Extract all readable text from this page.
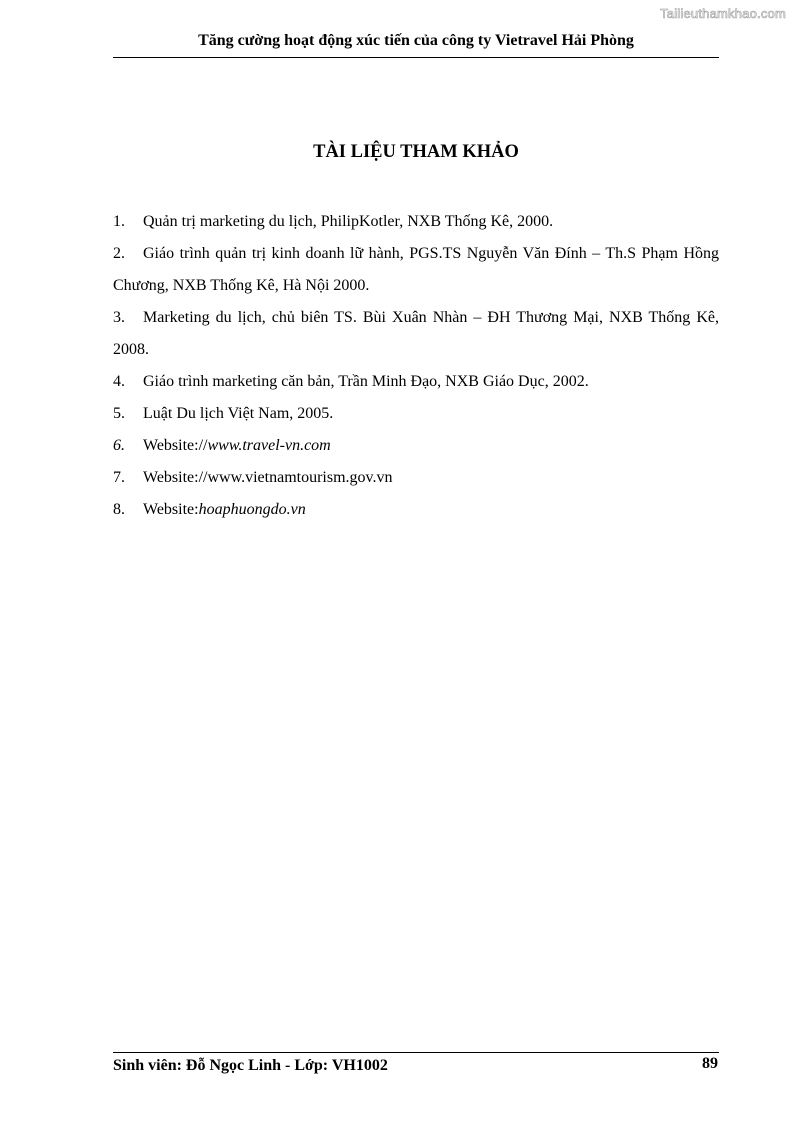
Tailieuthamkhao.com
Tăng cường hoạt động xúc tiến của công ty Vietravel Hải Phòng
TÀI LIỆU THAM KHẢO
1. Quản trị marketing du lịch, PhilipKotler, NXB Thống Kê, 2000.
2. Giáo trình quản trị kinh doanh lữ hành, PGS.TS Nguyễn Văn Đính – Th.S Phạm Hồng Chương, NXB Thống Kê, Hà Nội 2000.
3. Marketing du lịch, chủ biên TS. Bùi Xuân Nhàn – ĐH Thương Mại, NXB Thống Kê, 2008.
4. Giáo trình marketing căn bản, Trần Minh Đạo, NXB Giáo Dục, 2002.
5. Luật Du lịch Việt Nam, 2005.
6. Website://www.travel-vn.com
7. Website://www.vietnamtourism.gov.vn
8. Website:hoaphuongdo.vn
Sinh viên: Đỗ Ngọc Linh - Lớp: VH1002	89
